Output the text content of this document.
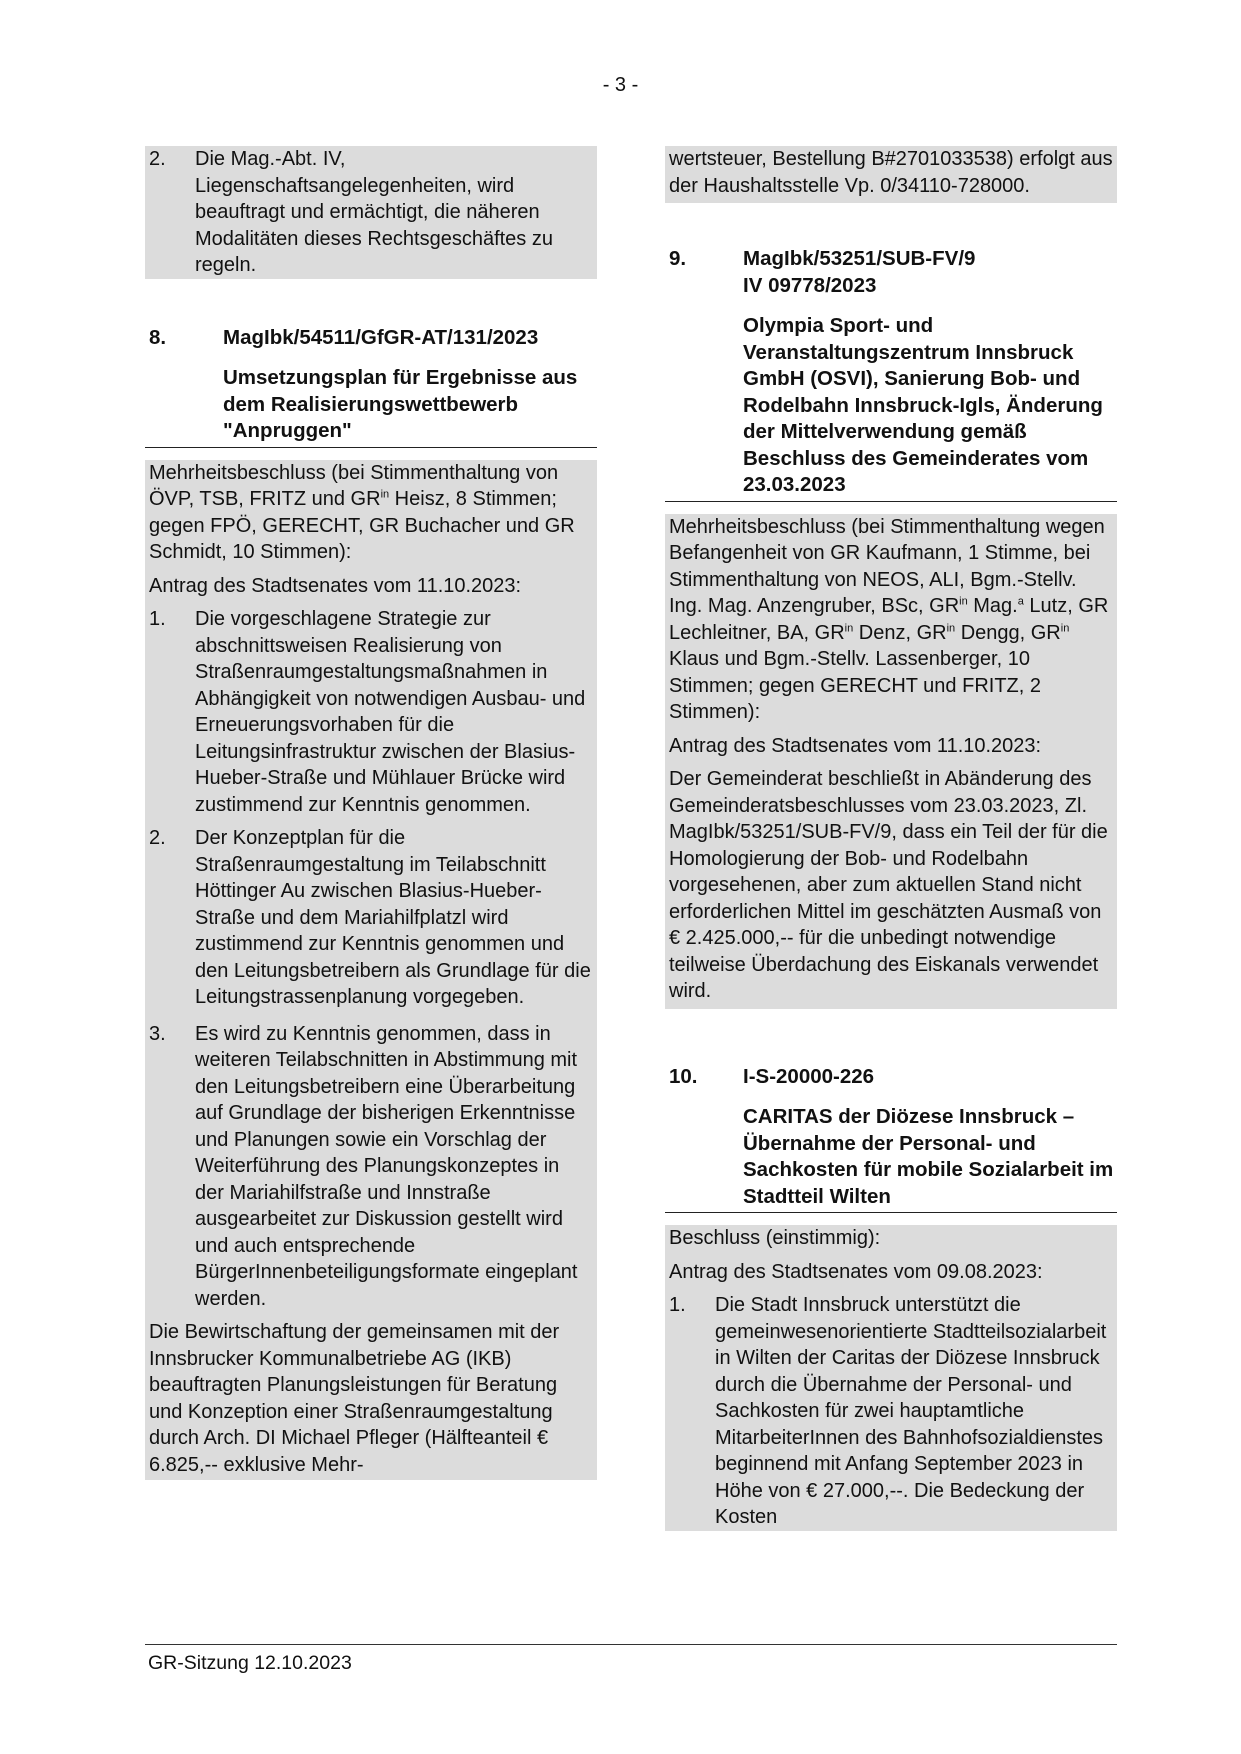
- 3 -
2.	Die Mag.-Abt. IV, Liegenschaftsangelegenheiten, wird beauftragt und ermächtigt, die näheren Modalitäten dieses Rechtsgeschäftes zu regeln.
8.	MagIbk/54511/GfGR-AT/131/2023
Umsetzungsplan für Ergebnisse aus dem Realisierungswettbewerb "Anpruggen"

Mehrheitsbeschluss (bei Stimmenthaltung von ÖVP, TSB, FRITZ und $GR^{in}$ Heisz, 8 Stimmen; gegen FPÖ, GERECHT, GR Buchacher und GR Schmidt, 10 Stimmen):

Antrag des Stadtsenates vom 11.10.2023:

1.	Die vorgeschlagene Strategie zur abschnittsweisen Realisierung von Straßenraumgestaltungsmaßnahmen in Abhängigkeit von notwendigen Ausbau- und Erneuerungsvorhaben für die Leitungsinfrastruktur zwischen der Blasius-Hueber-Straße und Mühlauer Brücke wird zustimmend zur Kenntnis genommen.
2.	Der Konzeptplan für die Straßenraumgestaltung im Teilabschnitt Höttinger Au zwischen Blasius-Hueber-Straße und dem Mariahilfplatzl wird zustimmend zur Kenntnis genommen und den Leitungsbetreibern als Grundlage für die Leitungstrassenplanung vorgegeben.
3.	Es wird zu Kenntnis genommen, dass in weiteren Teilabschnitten in Abstimmung mit den Leitungsbetreibern eine Überarbeitung auf Grundlage der bisherigen Erkenntnisse und Planungen sowie ein Vorschlag der Weiterführung des Planungskonzeptes in der Mariahilfstraße und Innstraße ausgearbeitet zur Diskussion gestellt wird und auch entsprechende BürgerInnenbeteiligungsformate eingeplant werden.

Die Bewirtschaftung der gemeinsamen mit der Innsbrucker Kommunalbetriebe AG (IKB) beauftragten Planungsleistungen für Beratung und Konzeption einer Straßenraumgestaltung durch Arch. DI Michael Pfleger (Hälfteanteil € 6.825,-- exklusive Mehr-

wertsteuer, Bestellung B#2701033538) erfolgt aus der Haushaltsstelle Vp. 0/34110-728000.

9.	MagIbk/53251/SUB-FV/9
IV 09778/2023
Olympia Sport- und Veranstaltungszentrum Innsbruck GmbH (OSVI), Sanierung Bob- und Rodelbahn Innsbruck-Igls, Änderung der Mittelverwendung gemäß Beschluss des Gemeinderates vom 23.03.2023

Mehrheitsbeschluss (bei Stimmenthaltung wegen Befangenheit von GR Kaufmann, 1 Stimme, bei Stimmenthaltung von NEOS, ALI, Bgm.-Stellv. Ing. Mag. Anzengruber, BSc, $GR^{in}$ Mag.$^a$ Lutz, GR Lechleitner, BA, $GR^{in}$ Denz, $GR^{in}$ Dengg, $GR^{in}$ Klaus und Bgm.-Stellv. Lassenberger, 10 Stimmen; gegen GERECHT und FRITZ, 2 Stimmen):

Antrag des Stadtsenates vom 11.10.2023:

Der Gemeinderat beschließt in Abänderung des Gemeinderatsbeschlusses vom 23.03.2023, Zl. MagIbk/53251/SUB-FV/9, dass ein Teil der für die Homologierung der Bob- und Rodelbahn vorgesehenen, aber zum aktuellen Stand nicht erforderlichen Mittel im geschätzten Ausmaß von € 2.425.000,-- für die unbedingt notwendige teilweise Überdachung des Eiskanals verwendet wird.

10.	I-S-20000-226
CARITAS der Diözese Innsbruck – Übernahme der Personal- und Sachkosten für mobile Sozialarbeit im Stadtteil Wilten

Beschluss (einstimmig):

Antrag des Stadtsenates vom 09.08.2023:

1.	Die Stadt Innsbruck unterstützt die gemeinwesenorientierte Stadtteilsozialarbeit in Wilten der Caritas der Diözese Innsbruck durch die Übernahme der Personal- und Sachkosten für zwei hauptamtliche MitarbeiterInnen des Bahnhofsozialdienstes beginnend mit Anfang September 2023 in Höhe von € 27.000,--. Die Bedeckung der Kosten
GR-Sitzung 12.10.2023
